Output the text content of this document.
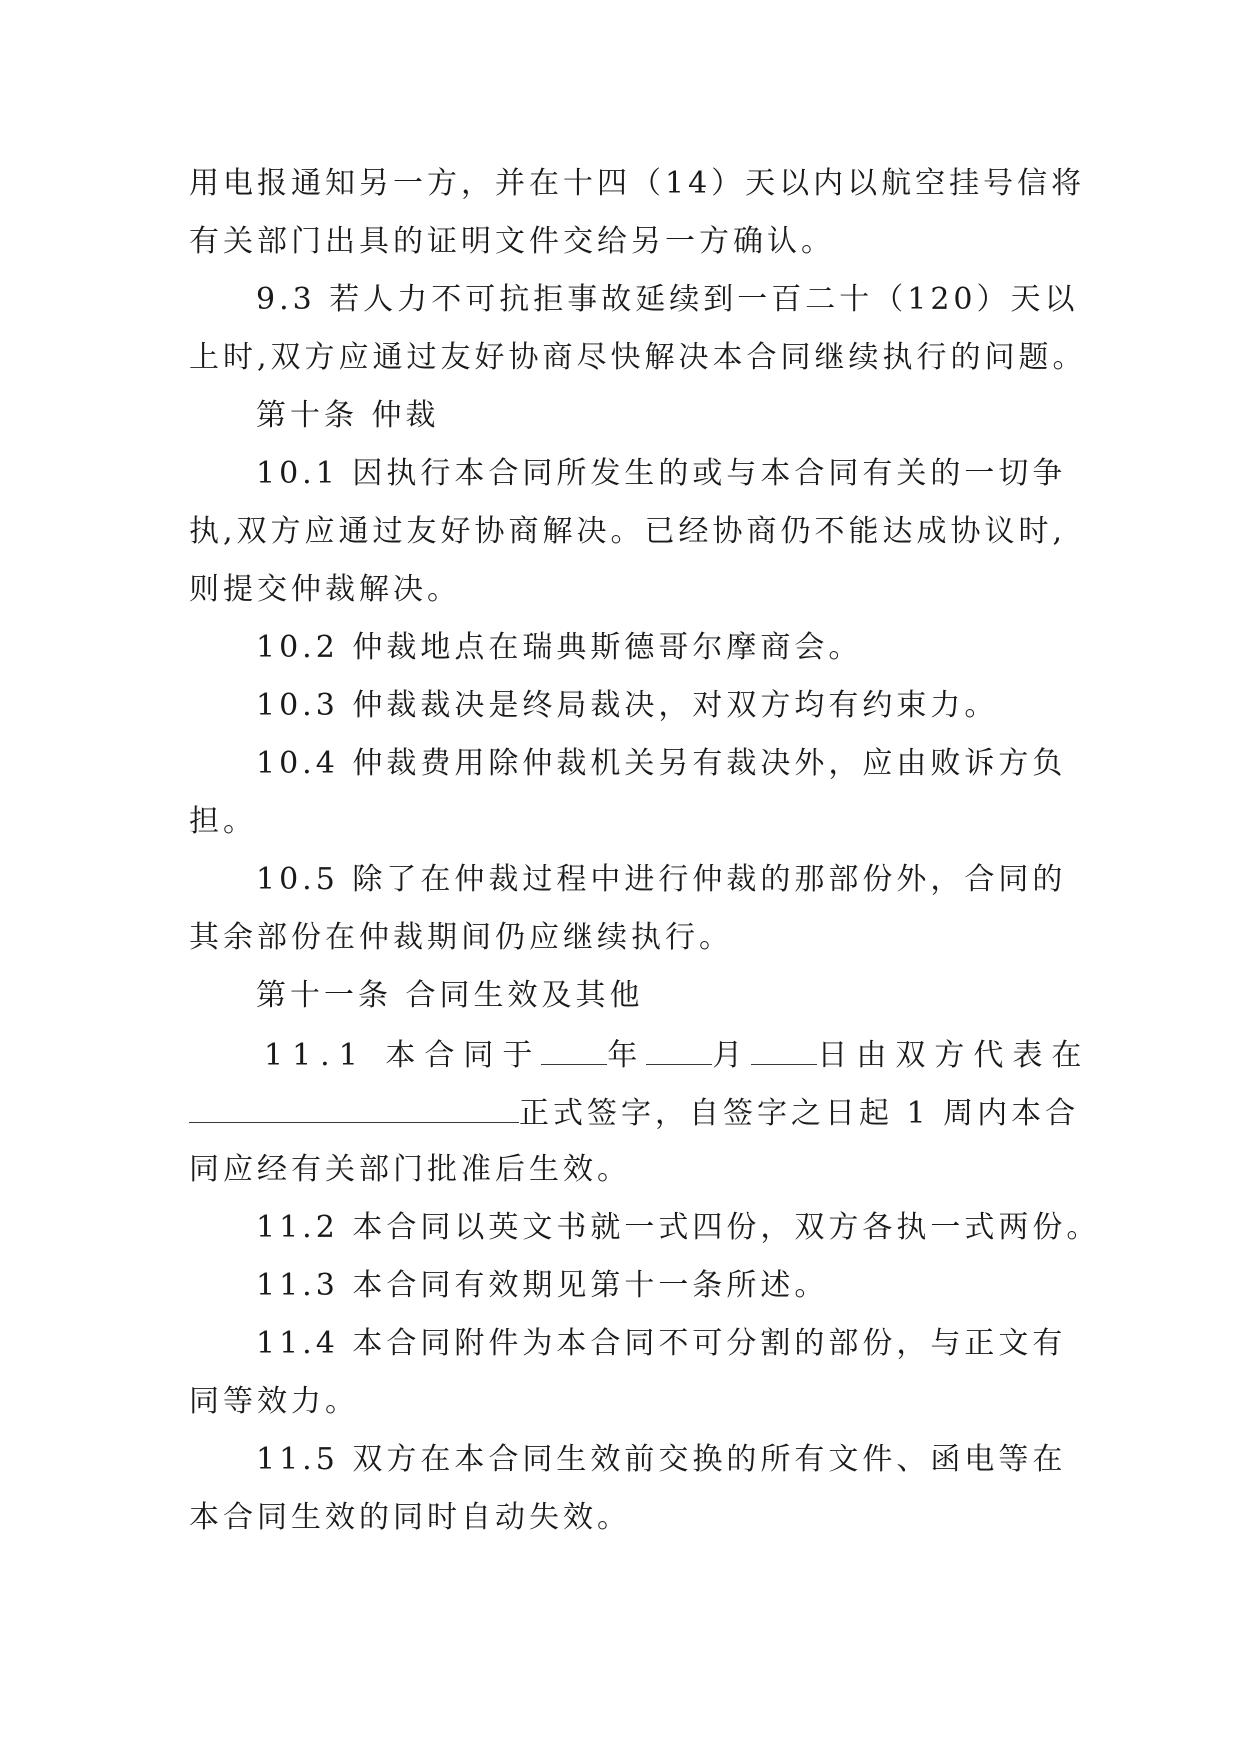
用电报通知另一方，并在十四（14）天以内以航空挂号信将
有关部门出具的证明文件交给另一方确认。
9.3 若人力不可抗拒事故延续到一百二十（120）天以
上时,双方应通过友好协商尽快解决本合同继续执行的问题。
第十条 仲裁
10.1 因执行本合同所发生的或与本合同有关的一切争
执,双方应通过友好协商解决。已经协商仍不能达成协议时,
则提交仲裁解决。
10.2 仲裁地点在瑞典斯德哥尔摩商会。
10.3 仲裁裁决是终局裁决，对双方均有约束力。
10.4 仲裁费用除仲裁机关另有裁决外，应由败诉方负
担。
10.5 除了在仲裁过程中进行仲裁的那部份外，合同的
其余部份在仲裁期间仍应继续执行。
第十一条 合同生效及其他
11.1 本合同于 年 月 日由双方代表在
正式签字，自签字之日起 1 周内本合
同应经有关部门批准后生效。
11.2 本合同以英文书就一式四份，双方各执一式两份。
11.3 本合同有效期见第十一条所述。
11.4 本合同附件为本合同不可分割的部份，与正文有
同等效力。
11.5 双方在本合同生效前交换的所有文件、函电等在
本合同生效的同时自动失效。
